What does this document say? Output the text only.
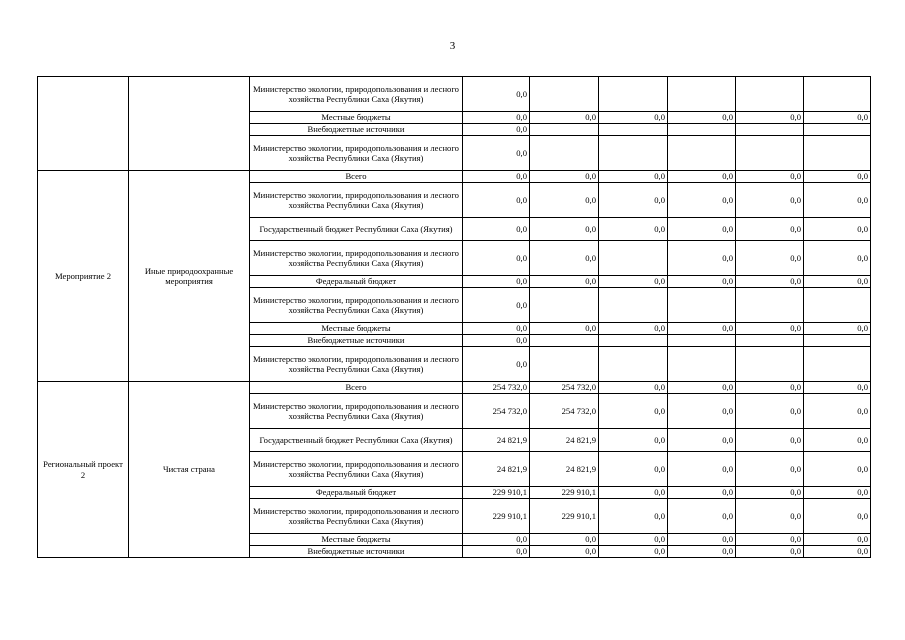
3
		Министерство экологии, природопользования и лесного хозяйства Республики Саха (Якутия)	0,0					
		Местные бюджеты	0,0	0,0	0,0	0,0	0,0	0,0
		Внебюджетные источники	0,0					
		Министерство экологии, природопользования и лесного хозяйства Республики Саха (Якутия)	0,0					
Мероприятие 2	Иные природоохранные мероприятия	Всего	0,0	0,0	0,0	0,0	0,0	0,0
		Министерство экологии, природопользования и лесного хозяйства Республики Саха (Якутия)	0,0	0,0	0,0	0,0	0,0	0,0
		Государственный бюджет Республики Саха (Якутия)	0,0	0,0	0,0	0,0	0,0	0,0
		Министерство экологии, природопользования и лесного хозяйства Республики Саха (Якутия)	0,0	0,0		0,0	0,0	0,0
		Федеральный бюджет	0,0	0,0	0,0	0,0	0,0	0,0
		Министерство экологии, природопользования и лесного хозяйства Республики Саха (Якутия)	0,0					
		Местные бюджеты	0,0	0,0	0,0	0,0	0,0	0,0
		Внебюджетные источники	0,0					
		Министерство экологии, природопользования и лесного хозяйства Республики Саха (Якутия)	0,0					
Региональный проект 2	Чистая страна	Всего	254 732,0	254 732,0	0,0	0,0	0,0	0,0
		Министерство экологии, природопользования и лесного хозяйства Республики Саха (Якутия)	254 732,0	254 732,0	0,0	0,0	0,0	0,0
		Государственный бюджет Республики Саха (Якутия)	24 821,9	24 821,9	0,0	0,0	0,0	0,0
		Министерство экологии, природопользования и лесного хозяйства Республики Саха (Якутия)	24 821,9	24 821,9	0,0	0,0	0,0	0,0
		Федеральный бюджет	229 910,1	229 910,1	0,0	0,0	0,0	0,0
		Министерство экологии, природопользования и лесного хозяйства Республики Саха (Якутия)	229 910,1	229 910,1	0,0	0,0	0,0	0,0
		Местные бюджеты	0,0	0,0	0,0	0,0	0,0	0,0
		Внебюджетные источники	0,0	0,0	0,0	0,0	0,0	0,0
